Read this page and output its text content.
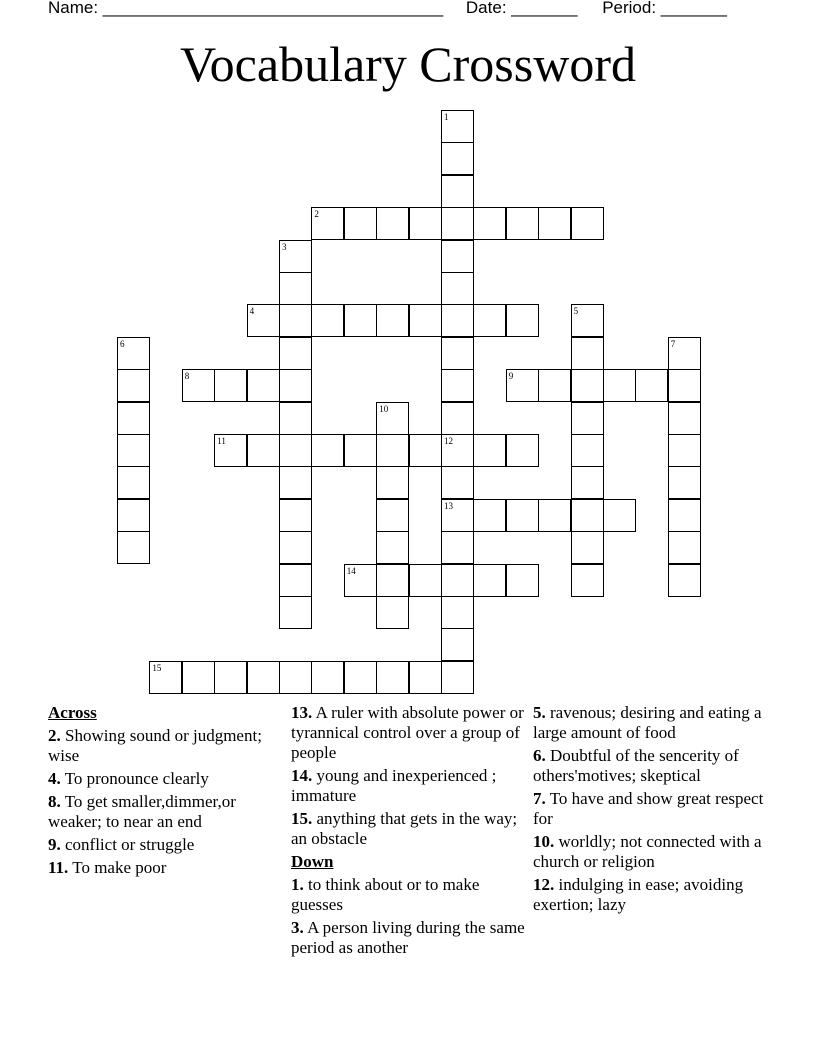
Name: ____________________________________ Date: _______ Period: _______
Vocabulary Crossword
1
2
3
4	5
6	7
8	9
10
11	12
13
14
15
Across
2. Showing sound or judgment; wise
4. To pronounce clearly
8. To get smaller,dimmer,or weaker; to near an end
9. conflict or struggle
11. To make poor
13. A ruler with absolute power or tyrannical control over a group of people
14. young and inexperienced ; immature
15. anything that gets in the way; an obstacle
Down
1. to think about or to make guesses
3. A person living during the same period as another
5. ravenous; desiring and eating a large amount of food
6. Doubtful of the sencerity of others'motives; skeptical
7. To have and show great respect for
10. worldly; not connected with a church or religion
12. indulging in ease; avoiding exertion; lazy
